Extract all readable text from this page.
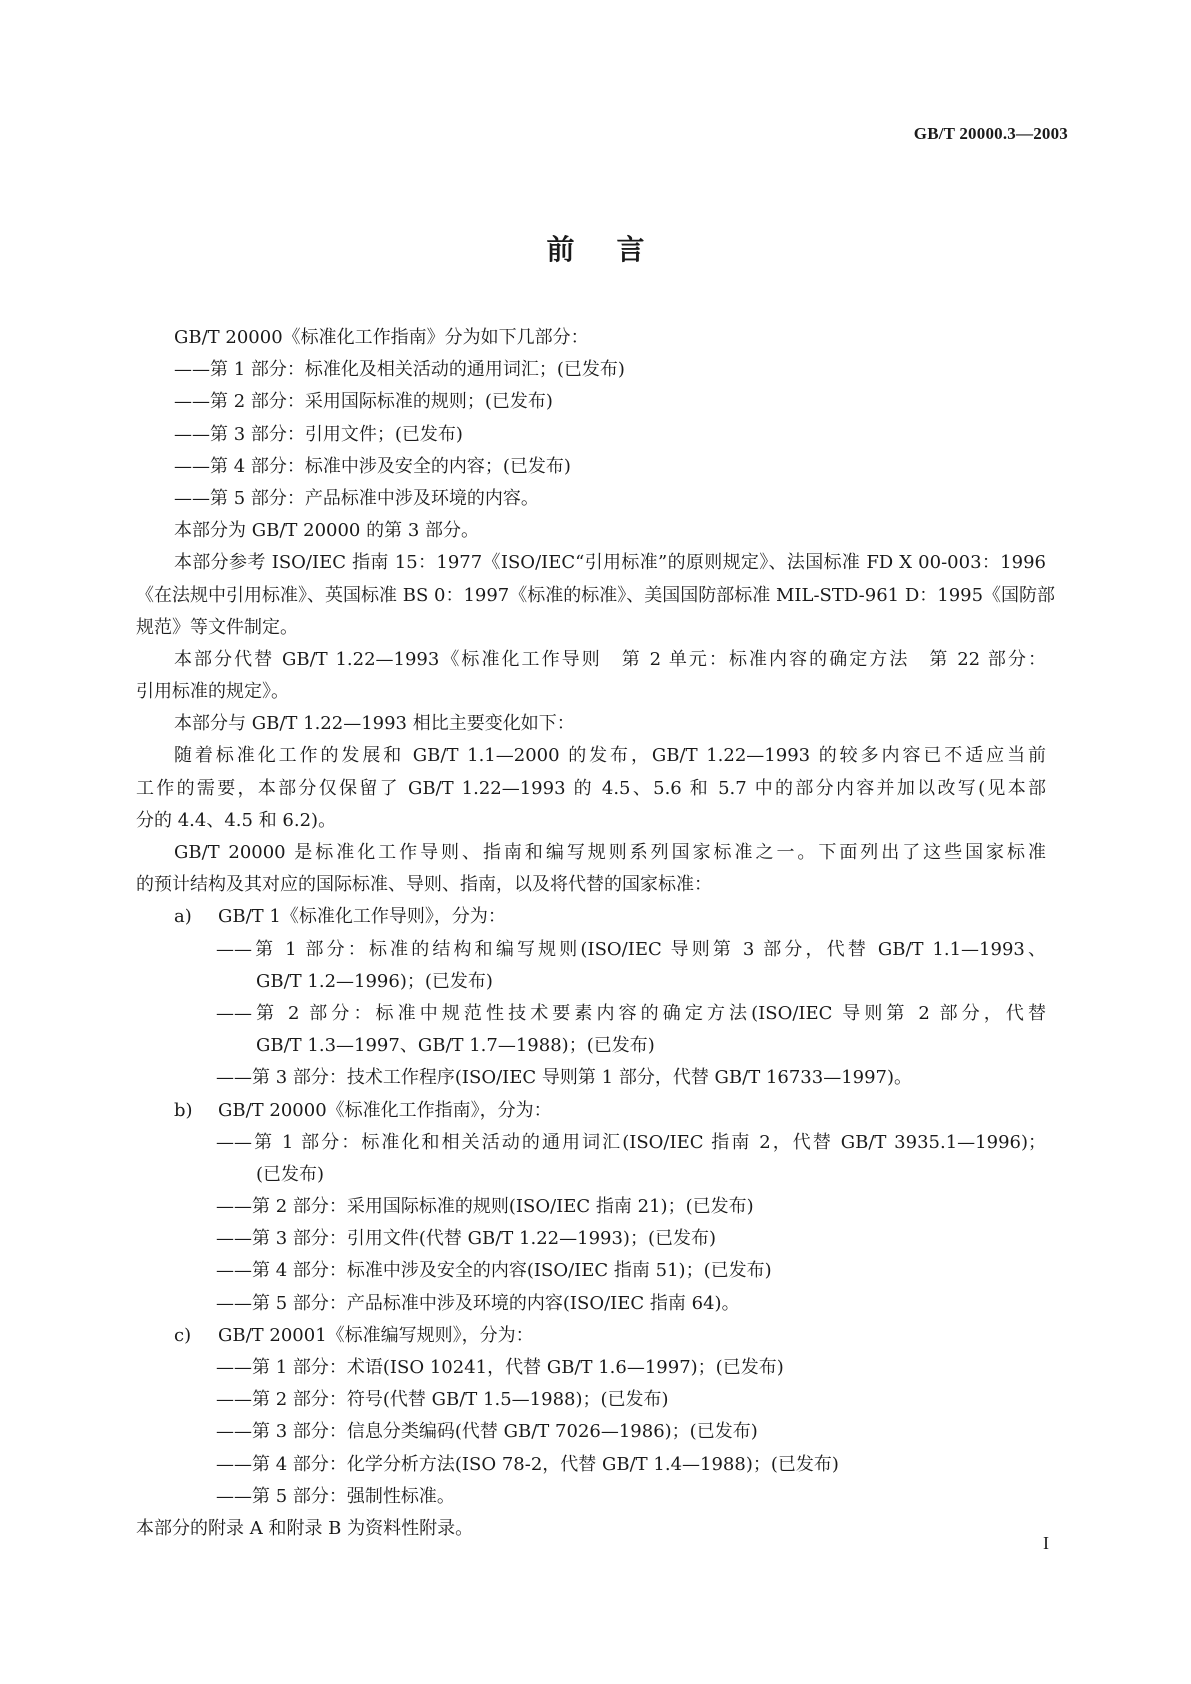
GB/T 20000.3—2003
前言
GB/T 20000《标准化工作指南》分为如下几部分：
——第 1 部分：标准化及相关活动的通用词汇；(已发布)
——第 2 部分：采用国际标准的规则；(已发布)
——第 3 部分：引用文件；(已发布)
——第 4 部分：标准中涉及安全的内容；(已发布)
——第 5 部分：产品标准中涉及环境的内容。
本部分为 GB/T 20000 的第 3 部分。
本部分参考 ISO/IEC 指南 15：1977《ISO/IEC“引用标准”的原则规定》、法国标准 FD X 00-003：1996
《在法规中引用标准》、英国标准 BS 0：1997《标准的标准》、美国国防部标准 MIL-STD-961 D：1995《国防部
规范》等文件制定。
本部分代替 GB/T 1.22—1993《标准化工作导则　第 2 单元：标准内容的确定方法　第 22 部分：
引用标准的规定》。
本部分与 GB/T 1.22—1993 相比主要变化如下：
随着标准化工作的发展和 GB/T 1.1—2000 的发布，GB/T 1.22—1993 的较多内容已不适应当前
工作的需要，本部分仅保留了 GB/T 1.22—1993 的 4.5、5.6 和 5.7 中的部分内容并加以改写(见本部
分的 4.4、4.5 和 6.2)。
GB/T 20000 是标准化工作导则、指南和编写规则系列国家标准之一。下面列出了这些国家标准
的预计结构及其对应的国际标准、导则、指南，以及将代替的国家标准：
a) GB/T 1《标准化工作导则》，分为：
——第 1 部分：标准的结构和编写规则(ISO/IEC 导则第 3 部分，代替 GB/T 1.1—1993、
GB/T 1.2—1996)；(已发布)
——第 2 部分：标准中规范性技术要素内容的确定方法(ISO/IEC 导则第 2 部分，代替
GB/T 1.3—1997、GB/T 1.7—1988)；(已发布)
——第 3 部分：技术工作程序(ISO/IEC 导则第 1 部分，代替 GB/T 16733—1997)。
b) GB/T 20000《标准化工作指南》，分为：
——第 1 部分：标准化和相关活动的通用词汇(ISO/IEC 指南 2，代替 GB/T 3935.1—1996)；
(已发布)
——第 2 部分：采用国际标准的规则(ISO/IEC 指南 21)；(已发布)
——第 3 部分：引用文件(代替 GB/T 1.22—1993)；(已发布)
——第 4 部分：标准中涉及安全的内容(ISO/IEC 指南 51)；(已发布)
——第 5 部分：产品标准中涉及环境的内容(ISO/IEC 指南 64)。
c) GB/T 20001《标准编写规则》，分为：
——第 1 部分：术语(ISO 10241，代替 GB/T 1.6—1997)；(已发布)
——第 2 部分：符号(代替 GB/T 1.5—1988)；(已发布)
——第 3 部分：信息分类编码(代替 GB/T 7026—1986)；(已发布)
——第 4 部分：化学分析方法(ISO 78-2，代替 GB/T 1.4—1988)；(已发布)
——第 5 部分：强制性标准。
本部分的附录 A 和附录 B 为资料性附录。
I
